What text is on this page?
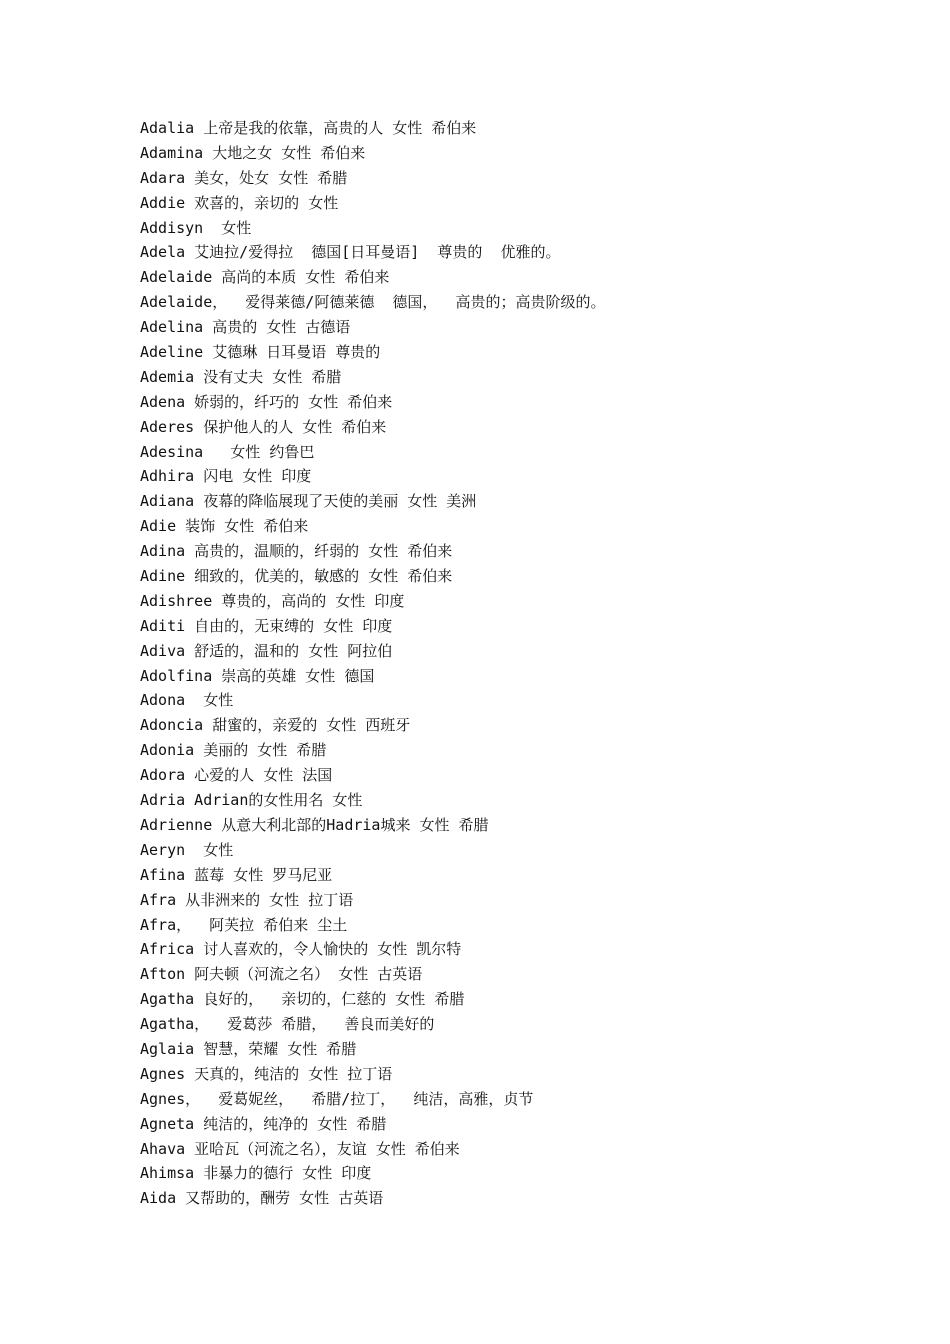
Adalia 上帝是我的依靠，高贵的人 女性 希伯来
Adamina 大地之女 女性 希伯来
Adara 美女，处女 女性 希腊
Addie 欢喜的，亲切的 女性
Addisyn  女性
Adela 艾迪拉/爱得拉  德国[日耳曼语]  尊贵的  优雅的。
Adelaide 高尚的本质 女性 希伯来
Adelaide，  爱得莱德/阿德莱德  德国，  高贵的；高贵阶级的。
Adelina 高贵的 女性 古德语
Adeline 艾德琳 日耳曼语 尊贵的
Ademia 没有丈夫 女性 希腊
Adena 娇弱的，纤巧的 女性 希伯来
Aderes 保护他人的人 女性 希伯来
Adesina   女性 约鲁巴
Adhira 闪电 女性 印度
Adiana 夜幕的降临展现了天使的美丽 女性 美洲
Adie 装饰 女性 希伯来
Adina 高贵的，温顺的，纤弱的 女性 希伯来
Adine 细致的，优美的，敏感的 女性 希伯来
Adishree 尊贵的，高尚的 女性 印度
Aditi 自由的，无束缚的 女性 印度
Adiva 舒适的，温和的 女性 阿拉伯
Adolfina 崇高的英雄 女性 德国
Adona  女性
Adoncia 甜蜜的，亲爱的 女性 西班牙
Adonia 美丽的 女性 希腊
Adora 心爱的人 女性 法国
Adria Adrian的女性用名 女性
Adrienne 从意大利北部的Hadria城来 女性 希腊
Aeryn  女性
Afina 蓝莓 女性 罗马尼亚
Afra 从非洲来的 女性 拉丁语
Afra，  阿芙拉 希伯来 尘土
Africa 讨人喜欢的，令人愉快的 女性 凯尔特
Afton 阿夫顿（河流之名） 女性 古英语
Agatha 良好的，  亲切的，仁慈的 女性 希腊
Agatha，  爱葛莎 希腊，  善良而美好的
Aglaia 智慧，荣耀 女性 希腊
Agnes 天真的，纯洁的 女性 拉丁语
Agnes，  爱葛妮丝，  希腊/拉丁，  纯洁，高雅，贞节
Agneta 纯洁的，纯净的 女性 希腊
Ahava 亚哈瓦（河流之名），友谊 女性 希伯来
Ahimsa 非暴力的德行 女性 印度
Aida 又帮助的，酬劳 女性 古英语
